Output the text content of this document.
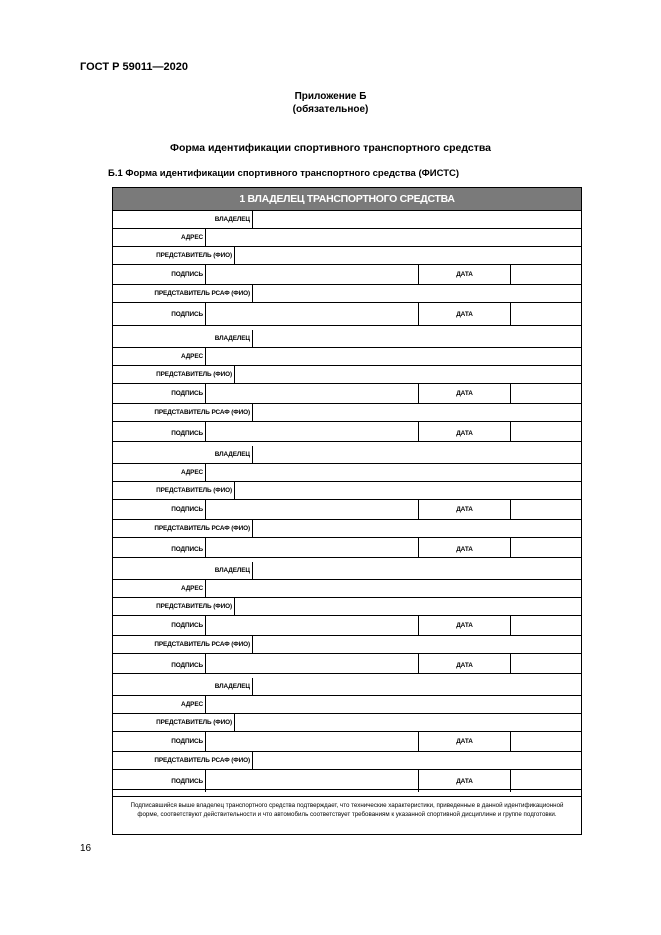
ГОСТ Р 59011—2020
Приложение Б
(обязательное)
Форма идентификации спортивного транспортного средства
Б.1 Форма идентификации спортивного транспортного средства (ФИСТС)
1 ВЛАДЕЛЕЦ ТРАНСПОРТНОГО СРЕДСТВА
ВЛАДЕЛЕЦ
АДРЕС
ПРЕДСТАВИТЕЛЬ (ФИО)
ПОДПИСЬ	ДАТА
ПРЕДСТАВИТЕЛЬ РСАФ (ФИО)
ПОДПИСЬ	ДАТА
ВЛАДЕЛЕЦ
АДРЕС
ПРЕДСТАВИТЕЛЬ (ФИО)
ПОДПИСЬ	ДАТА
ПРЕДСТАВИТЕЛЬ РСАФ (ФИО)
ПОДПИСЬ	ДАТА
ВЛАДЕЛЕЦ
АДРЕС
ПРЕДСТАВИТЕЛЬ (ФИО)
ПОДПИСЬ	ДАТА
ПРЕДСТАВИТЕЛЬ РСАФ (ФИО)
ПОДПИСЬ	ДАТА
ВЛАДЕЛЕЦ
АДРЕС
ПРЕДСТАВИТЕЛЬ (ФИО)
ПОДПИСЬ	ДАТА
ПРЕДСТАВИТЕЛЬ РСАФ (ФИО)
ПОДПИСЬ	ДАТА
ВЛАДЕЛЕЦ
АДРЕС
ПРЕДСТАВИТЕЛЬ (ФИО)
ПОДПИСЬ	ДАТА
ПРЕДСТАВИТЕЛЬ РСАФ (ФИО)
ПОДПИСЬ	ДАТА
Подписавшийся выше владелец транспортного средства подтверждает, что технические характеристики, приведенные в данной идентификационной форме, соответствуют действительности и что автомобиль соответствует требованиям к указанной спортивной дисциплине и группе подготовки.
16
